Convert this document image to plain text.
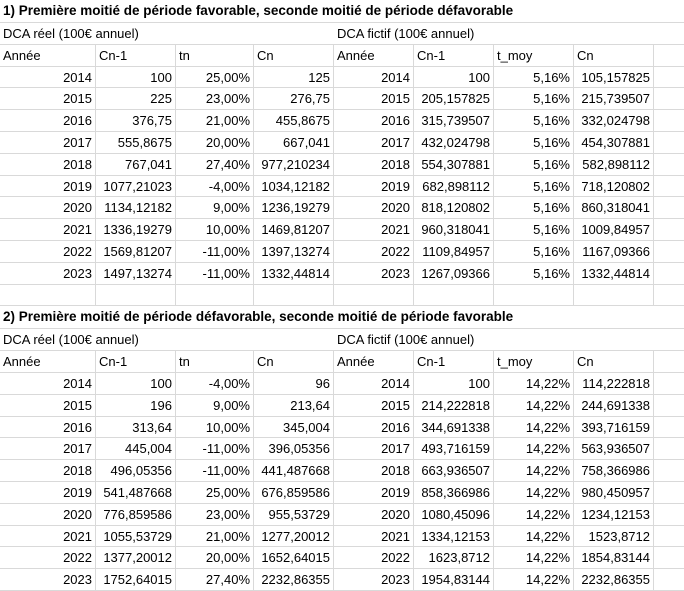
1) Première moitié de période favorable, seconde moitié de période défavorable
DCA réel (100€ annuel)	DCA fictif (100€ annuel)
Année	Cn-1	tn	Cn	Année	Cn-1	t_moy	Cn
2014	100	25,00%	125	2014	100	5,16% 105,157825
2015	225	23,00%	276,75	2015 205,157825	5,16% 215,739507
2016	376,75	21,00%	455,8675	2016 315,739507	5,16% 332,024798
2017	555,8675	20,00%	667,041	2017 432,024798	5,16% 454,307881
2018	767,041	27,40% 977,210234	2018 554,307881	5,16% 582,898112
2019 1077,21023	-4,00% 1034,12182	2019 682,898112	5,16% 718,120802
2020 1134,12182	9,00% 1236,19279	2020 818,120802	5,16% 860,318041
2021 1336,19279	10,00% 1469,81207	2021 960,318041	5,16% 1009,84957
2022 1569,81207	-11,00% 1397,13274	2022 1109,84957	5,16% 1167,09366
2023 1497,13274	-11,00% 1332,44814	2023 1267,09366	5,16% 1332,44814
2) Première moitié de période défavorable, seconde moitié de période favorable
DCA réel (100€ annuel)	DCA fictif (100€ annuel)
Année	Cn-1	tn	Cn	Année	Cn-1	t_moy	Cn
2014	100	-4,00%	96	2014	100	14,22% 114,222818
2015	196	9,00%	213,64	2015 214,222818	14,22% 244,691338
2016	313,64	10,00%	345,004	2016 344,691338	14,22% 393,716159
2017	445,004	-11,00%	396,05356	2017 493,716159	14,22% 563,936507
2018	496,05356	-11,00% 441,487668	2018 663,936507	14,22% 758,366986
2019 541,487668	25,00% 676,859586	2019 858,366986	14,22% 980,450957
2020 776,859586	23,00%	955,53729	2020 1080,45096	14,22% 1234,12153
2021 1055,53729	21,00% 1277,20012	2021 1334,12153	14,22%	1523,8712
2022 1377,20012	20,00% 1652,64015	2022	1623,8712	14,22% 1854,83144
2023 1752,64015	27,40% 2232,86355	2023 1954,83144	14,22% 2232,86355
